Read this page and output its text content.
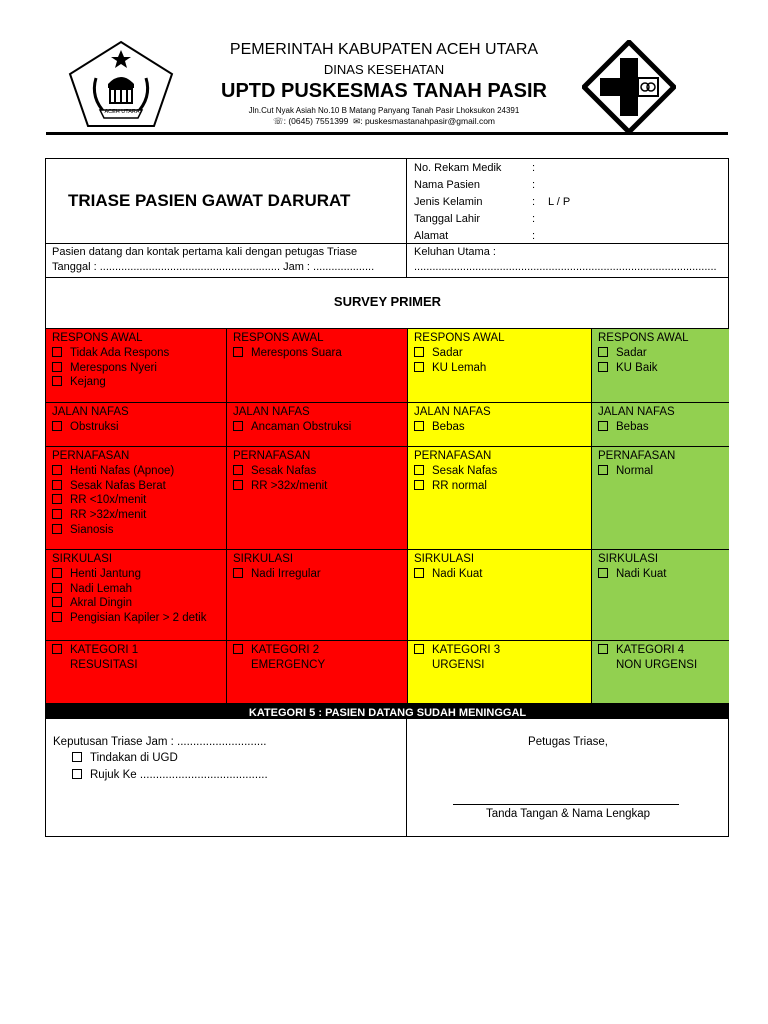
ACEH UTARA
PEMERINTAH KABUPATEN ACEH UTARA
DINAS KESEHATAN
UPTD PUSKESMAS TANAH PASIR
Jln.Cut Nyak Asiah No.10 B Matang Panyang Tanah Pasir Lhoksukon 24391
☏: (0645) 7551399 ✉: puskesmastanahpasir@gmail.com
TRIASE PASIEN GAWAT DARURAT
No. Rekam Medik	:
Nama Pasien	:
Jenis Kelamin	: L / P
Tanggal Lahir	:
Alamat	:
Pasien datang dan kontak pertama kali dengan petugas Triase
Tanggal : ........................................................... Jam : ....................
Keluhan Utama :
...................................................................................................
SURVEY PRIMER
RESPONS AWAL
Tidak Ada Respons
Merespons Nyeri
Kejang
RESPONS AWAL
Merespons Suara
RESPONS AWAL
Sadar
KU Lemah
RESPONS AWAL
Sadar
KU Baik
JALAN NAFAS
Obstruksi
JALAN NAFAS
Ancaman Obstruksi
JALAN NAFAS
Bebas
JALAN NAFAS
Bebas
PERNAFASAN
Henti Nafas (Apnoe)
Sesak Nafas Berat
RR <10x/menit
RR >32x/menit
Sianosis
PERNAFASAN
Sesak Nafas
RR >32x/menit
PERNAFASAN
Sesak Nafas
RR normal
PERNAFASAN
Normal
SIRKULASI
Henti Jantung
Nadi Lemah
Akral Dingin
Pengisian Kapiler > 2 detik
SIRKULASI
Nadi Irregular
SIRKULASI
Nadi Kuat
SIRKULASI
Nadi Kuat
KATEGORI 1
RESUSITASI
KATEGORI 2
EMERGENCY
KATEGORI 3
URGENSI
KATEGORI 4
NON URGENSI
KATEGORI 5 : PASIEN DATANG SUDAH MENINGGAL
Keputusan Triase Jam : ............................
Tindakan di UGD
Rujuk Ke ........................................
Petugas Triase,
Tanda Tangan & Nama Lengkap
